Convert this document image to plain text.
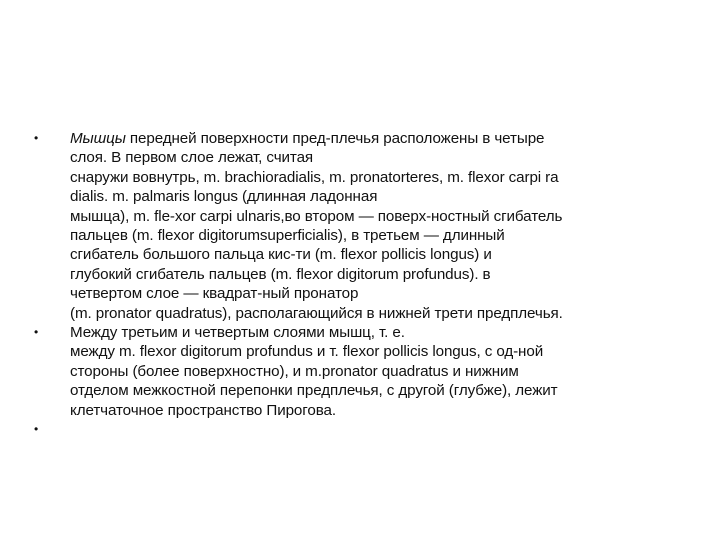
•	Мышцы передней поверхности пред-плечья расположены в четыре
слоя. В первом слое лежат, считая
снаружи вовнутрь, m. brachioradialis, m. pronatorteres, m. flexor carpi ra
dialis. m. palmaris longus (длинная ладонная
мышца), m. fle-xor carpi ulnaris,во втором — поверх-ностный сгибатель
пальцев (m. flexor digitorumsuperficialis), в третьем — длинный
сгибатель большого пальца кис-ти (m. flexor pollicis longus) и
глубокий сгибатель пальцев (m. flexor digitorum profundus). в
четвертом слое — квадрат-ный пронатор
(m. pronator quadratus), располагающийся в нижней трети предплечья.
•	Между третьим и четвертым слоями мышц, т. е.
между m. flexor digitorum profundus и т. flexor pollicis longus, с од-ной
стороны (более поверхностно), и m.pronator quadratus и нижним
отделом межкостной перепонки предплечья, с другой (глубже), лежит
клетчаточное пространство Пирогова.
•
